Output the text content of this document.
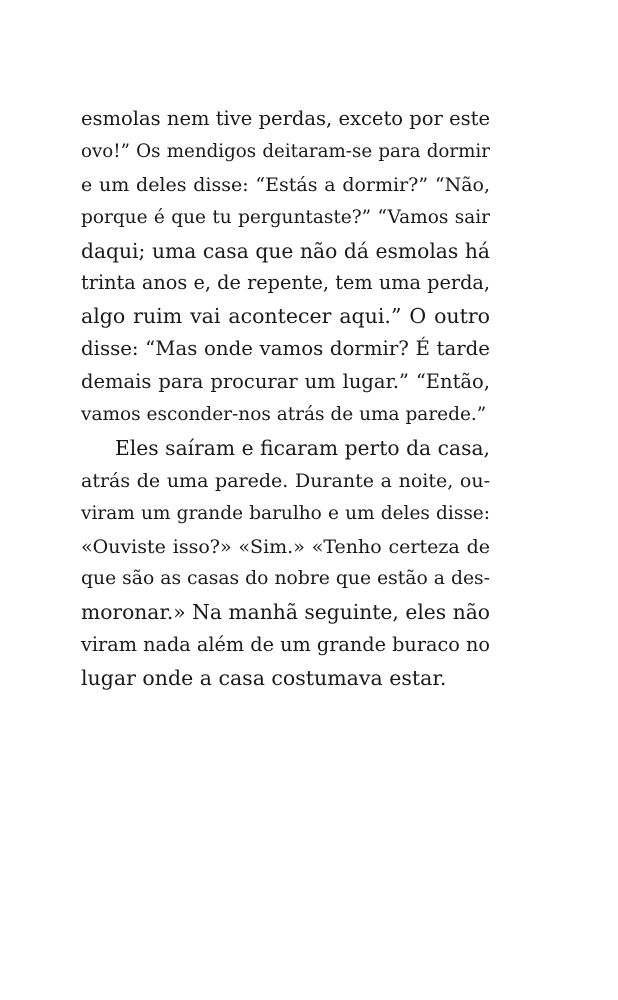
esmolas nem tive perdas, exceto por este
ovo!” Os mendigos deitaram-se para dormir
e um deles disse: “Estás a dormir?” “Não,
porque é que tu perguntaste?” “Vamos sair
daqui; uma casa que não dá esmolas há
trinta anos e, de repente, tem uma perda,
algo ruim vai acontecer aqui.” O outro
disse: “Mas onde vamos dormir? É tarde
demais para procurar um lugar.” “Então,
vamos esconder-nos atrás de uma parede.”
Eles saíram e ficaram perto da casa,
atrás de uma parede. Durante a noite, ou-
viram um grande barulho e um deles disse:
«Ouviste isso?» «Sim.» «Tenho certeza de
que são as casas do nobre que estão a des-
moronar.» Na manhã seguinte, eles não
viram nada além de um grande buraco no
lugar onde a casa costumava estar.
